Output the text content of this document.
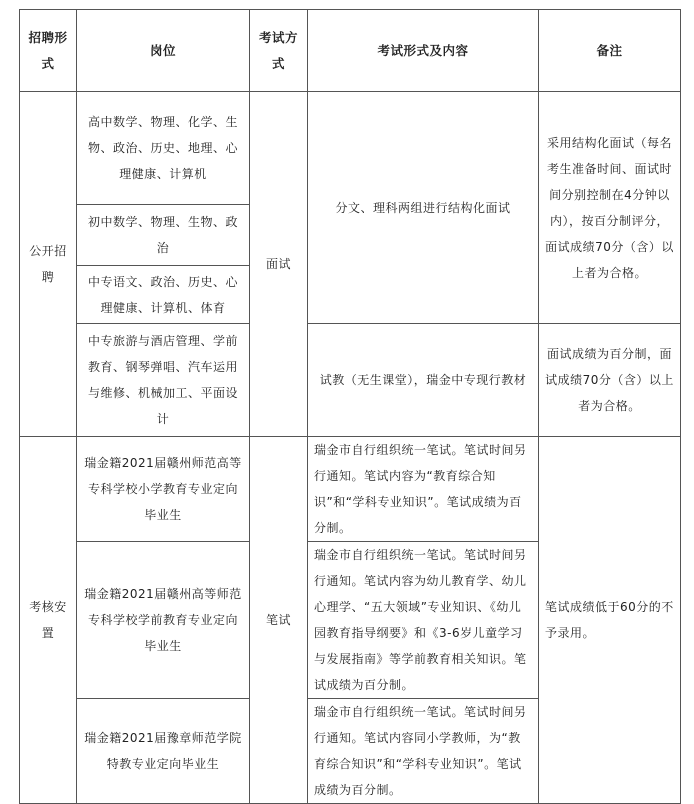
招聘形式	岗位	考试方式	考试形式及内容	备注
公开招聘	高中数学、物理、化学、生物、政治、历史、地理、心理健康、计算机	面试	分文、理科两组进行结构化面试	采用结构化面试（每名考生准备时间、面试时间分别控制在4分钟以内），按百分制评分，面试成绩70分（含）以上者为合格。
	初中数学、物理、生物、政治			
	中专语文、政治、历史、心理健康、计算机、体育			
	中专旅游与酒店管理、学前教育、钢琴弹唱、汽车运用与维修、机械加工、平面设计		试教（无生课堂），瑞金中专现行教材	面试成绩为百分制，面试成绩70分（含）以上者为合格。
考核安置	瑞金籍2021届赣州师范高等专科学校小学教育专业定向毕业生	笔试	瑞金市自行组织统一笔试。笔试时间另行通知。笔试内容为“教育综合知识”和“学科专业知识”。笔试成绩为百分制。	笔试成绩低于60分的不予录用。
	瑞金籍2021届赣州高等师范专科学校学前教育专业定向毕业生		瑞金市自行组织统一笔试。笔试时间另行通知。笔试内容为幼儿教育学、幼儿心理学、“五大领域”专业知识、《幼儿园教育指导纲要》和《3-6岁儿童学习与发展指南》等学前教育相关知识。笔试成绩为百分制。	
	瑞金籍2021届豫章师范学院特教专业定向毕业生		瑞金市自行组织统一笔试。笔试时间另行通知。笔试内容同小学教师，为“教育综合知识”和“学科专业知识”。笔试成绩为百分制。	
